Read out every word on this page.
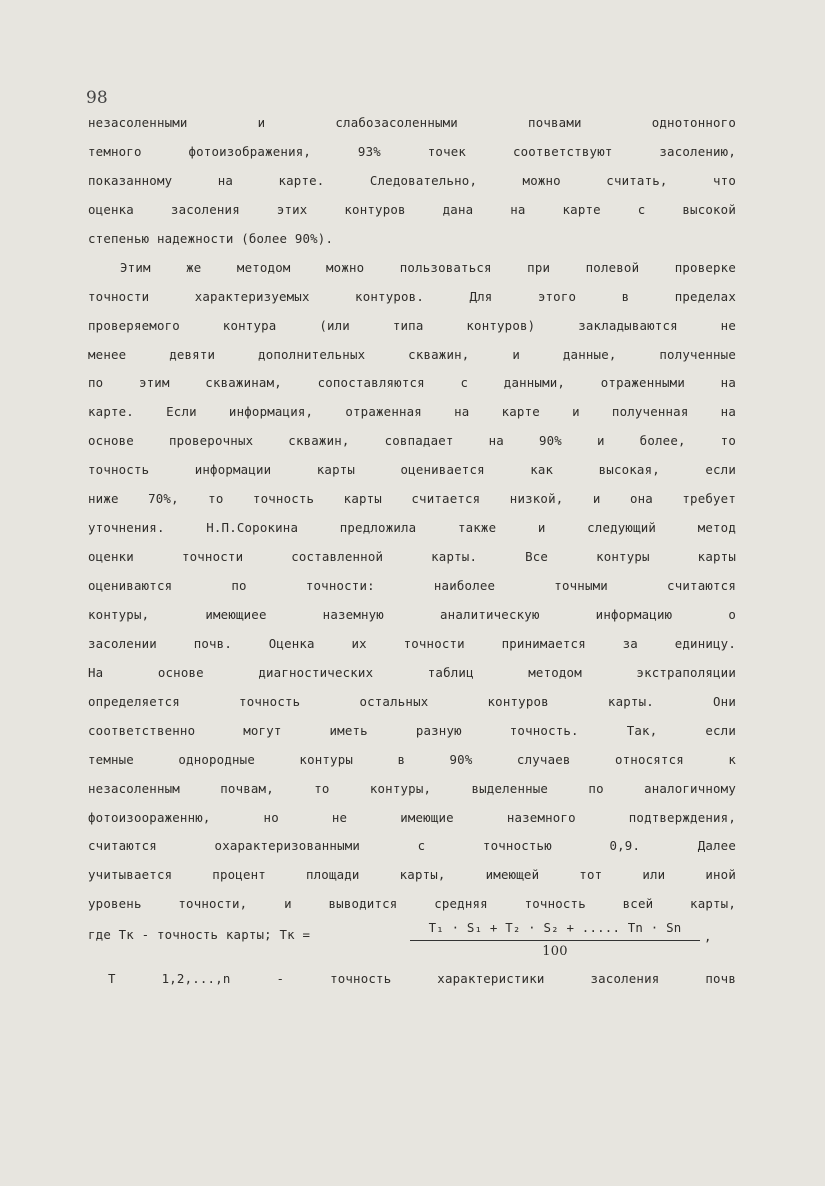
98
незасоленными и слабозасоленными почвами однотонного
темного фотоизображения, 93% точек соответствуют засолению,
показанному на карте. Следовательно, можно считать, что
оценка засоления этих контуров дана на карте с высокой
степенью надежности (более 90%).
Этим же методом можно пользоваться при полевой проверке
точности характеризуемых контуров. Для этого в пределах
проверяемого контура (или типа контуров) закладываются не
менее девяти дополнительных скважин, и данные, полученные
по этим скважинам, сопоставляются с данными, отраженными на
карте. Если информация, отраженная на карте и полученная на
основе проверочных скважин, совпадает на 90% и более, то
точность информации карты оценивается как высокая, если
ниже 70%, то точность карты считается низкой, и она требует
уточнения. Н.П.Сорокина предложила также и следующий метод
оценки точности составленной карты. Все контуры карты
оцениваются по точности: наиболее точными считаются
контуры, имеющиее наземную аналитическую информацию о
засолении почв. Оценка их точности принимается за единицу.
На основе диагностических таблиц методом экстраполяции
определяется точность остальных контуров карты. Они
соответственно могут иметь разную точность. Так, если
темные однородные контуры в 90% случаев относятся к
незасоленным почвам, то контуры, выделенные по аналогичному
фотоизоораженню, но не имеющие наземного подтверждения,
считаются охарактеризованными с точностью 0,9. Далее
учитывается процент площади карты, имеющей тот или иной
уровень точности, и выводится средняя точность всей карты,
где Тк - точность карты; Тк =	T₁ · S₁ + T₂ · S₂ + ..... Tn · Sn
100
,
Т 1,2,...,n - точность характеристики засоления почв
